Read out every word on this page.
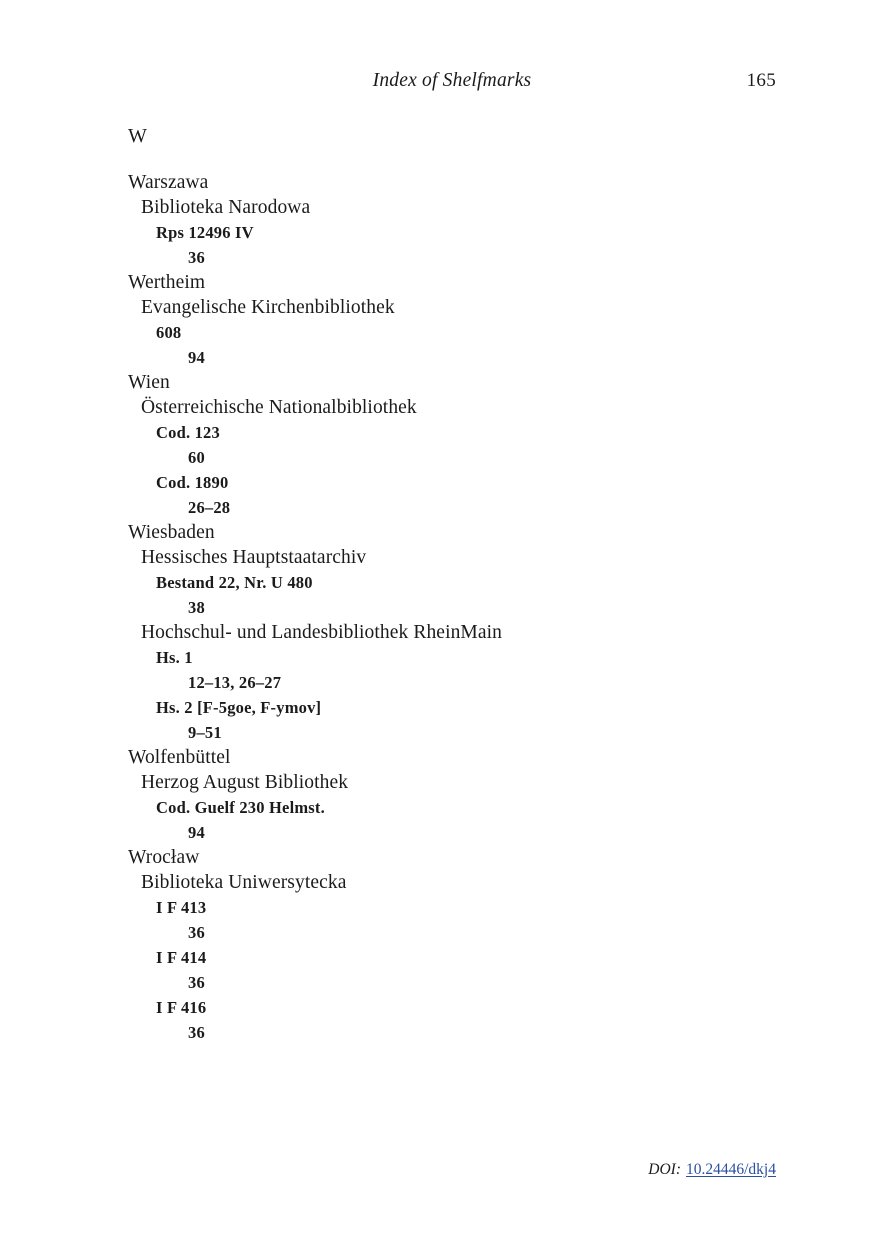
Index of Shelfmarks	165
W
Warszawa
Biblioteka Narodowa
Rps 12496 IV
36
Wertheim
Evangelische Kirchenbibliothek
608
94
Wien
Österreichische Nationalbibliothek
Cod. 123
60
Cod. 1890
26–28
Wiesbaden
Hessisches Hauptstaatarchiv
Bestand 22, Nr. U 480
38
Hochschul- und Landesbibliothek RheinMain
Hs. 1
12–13, 26–27
Hs. 2 [F-5goe, F-ymov]
9–51
Wolfenbüttel
Herzog August Bibliothek
Cod. Guelf 230 Helmst.
94
Wrocław
Biblioteka Uniwersytecka
I F 413
36
I F 414
36
I F 416
36
DOI: 10.24446/dkj4
